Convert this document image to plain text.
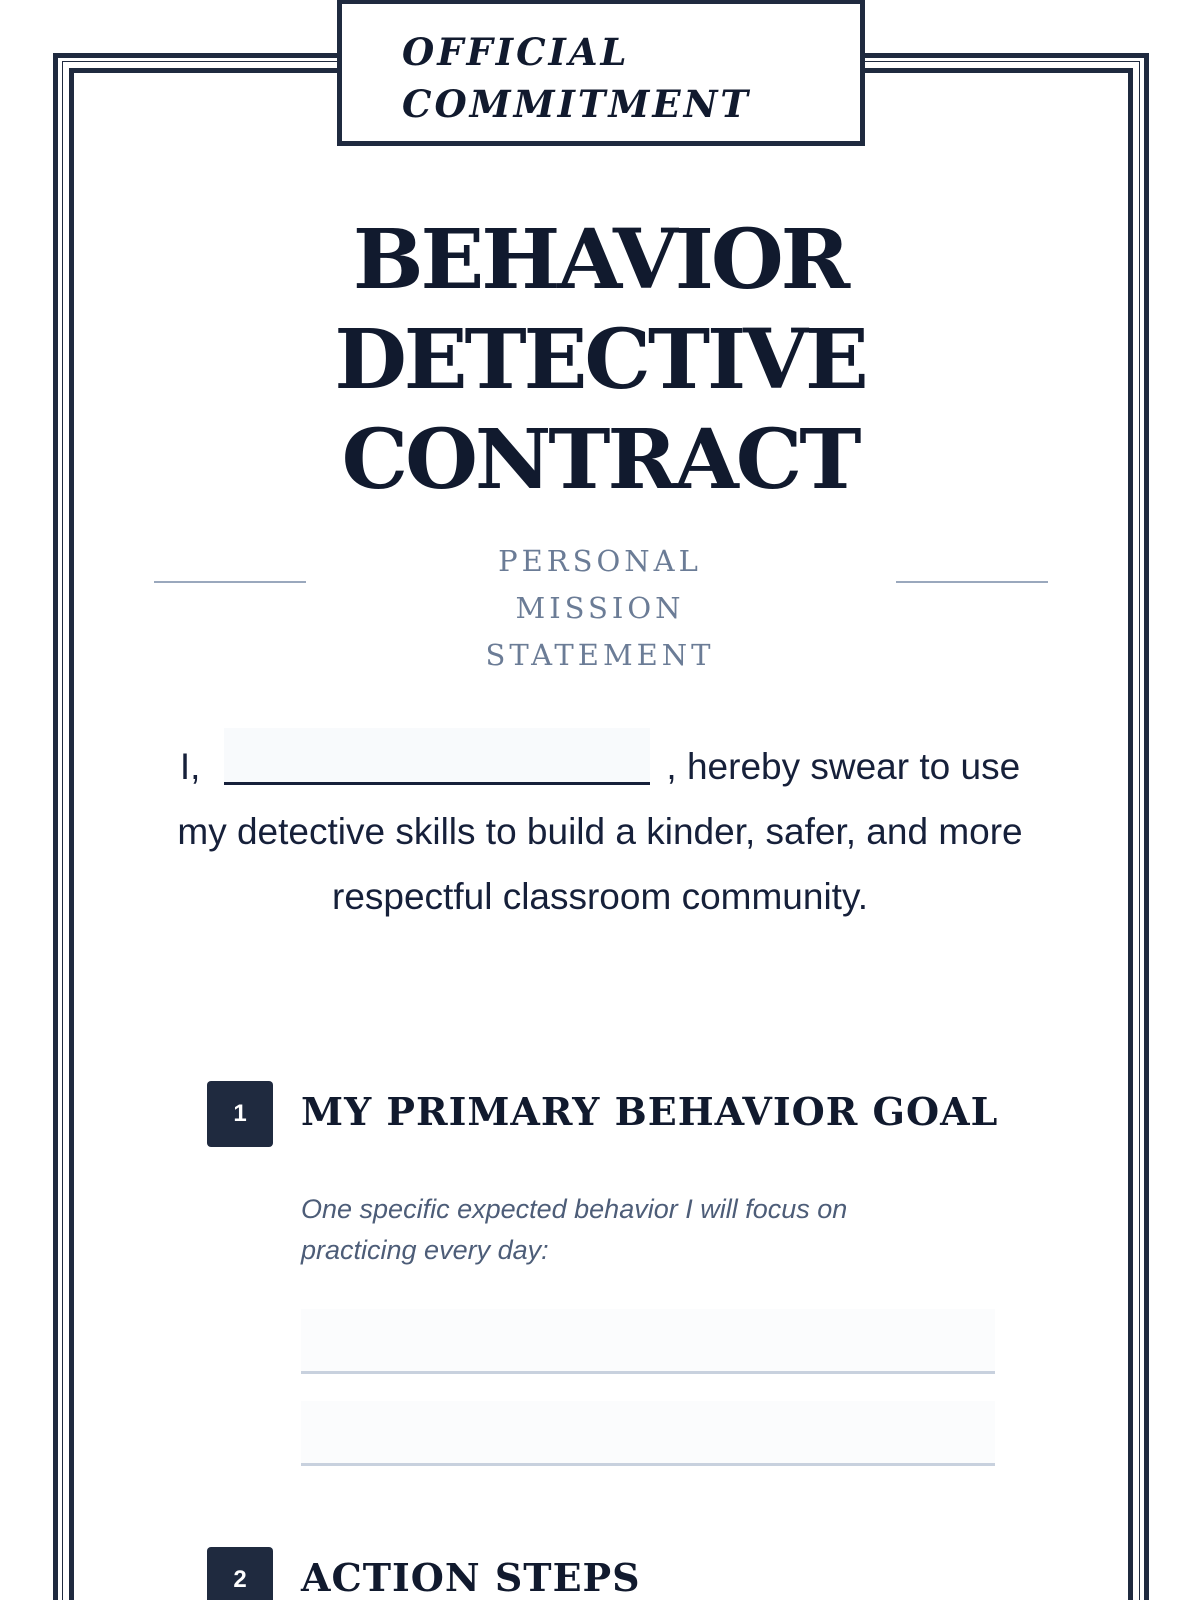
OFFICIAL
COMMITMENT
BEHAVIOR
DETECTIVE
CONTRACT
PERSONAL MISSION
STATEMENT
I,	, hereby swear to use my detective skills to build a kinder, safer, and more respectful classroom community.
1	MY PRIMARY BEHAVIOR GOAL
One specific expected behavior I will focus on practicing every day:
2	ACTION STEPS
